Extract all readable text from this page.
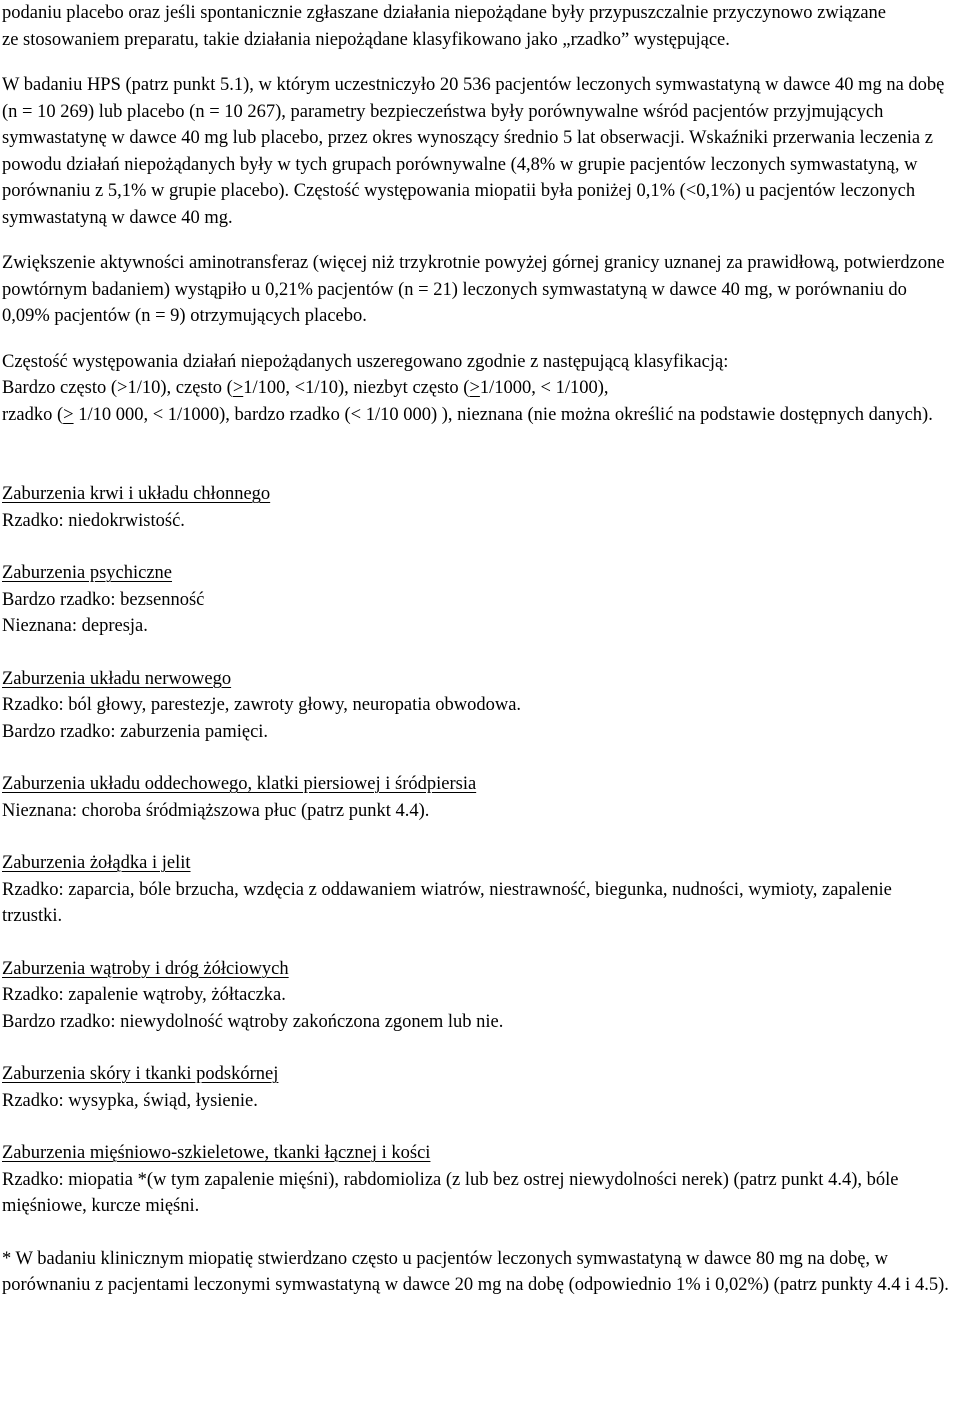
podaniu placebo oraz jeśli spontanicznie zgłaszane działania niepożądane były przypuszczalnie przyczynowo związane ze stosowaniem preparatu, takie działania niepożądane klasyfikowano jako „rzadko” występujące.

W badaniu HPS (patrz punkt 5.1), w którym uczestniczyło 20 536 pacjentów leczonych symwastatyną w dawce 40 mg na dobę (n = 10 269) lub placebo (n = 10 267), parametry bezpieczeństwa były porównywalne wśród pacjentów przyjmujących symwastatynę w dawce 40 mg lub placebo, przez okres wynoszący średnio 5 lat obserwacji. Wskaźniki przerwania leczenia z powodu działań niepożądanych były w tych grupach porównywalne (4,8% w grupie pacjentów leczonych symwastatyną, w porównaniu z 5,1% w grupie placebo). Częstość występowania miopatii była poniżej 0,1% (<0,1%) u pacjentów leczonych symwastatyną w dawce 40 mg.

Zwiększenie aktywności aminotransferaz (więcej niż trzykrotnie powyżej górnej granicy uznanej za prawidłową, potwierdzone powtórnym badaniem) wystąpiło u 0,21% pacjentów (n = 21) leczonych symwastatyną w dawce 40 mg, w porównaniu do 0,09% pacjentów (n = 9) otrzymujących placebo.

Częstość występowania działań niepożądanych uszeregowano zgodnie z następującą klasyfikacją:

Bardzo często (>1/10), często (≥1/100, <1/10), niezbyt często (≥1/1000, < 1/100),

rzadko (≥ 1/10 000, < 1/1000), bardzo rzadko (< 1/10 000) ), nieznana (nie można określić na podstawie dostępnych danych).

Zaburzenia krwi i układu chłonnego

Rzadko: niedokrwistość.

Zaburzenia psychiczne

Bardzo rzadko: bezsenność

Nieznana: depresja.

Zaburzenia układu nerwowego

Rzadko: ból głowy, parestezje, zawroty głowy, neuropatia obwodowa.

Bardzo rzadko: zaburzenia pamięci.

Zaburzenia układu oddechowego, klatki piersiowej i śródpiersia

Nieznana: choroba śródmiąższowa płuc (patrz punkt 4.4).

Zaburzenia żołądka i jelit

Rzadko: zaparcia, bóle brzucha, wzdęcia z oddawaniem wiatrów, niestrawność, biegunka, nudności, wymioty, zapalenie trzustki.

Zaburzenia wątroby i dróg żółciowych

Rzadko: zapalenie wątroby, żółtaczka.

Bardzo rzadko: niewydolność wątroby zakończona zgonem lub nie.

Zaburzenia skóry i tkanki podskórnej

Rzadko: wysypka, świąd, łysienie.

Zaburzenia mięśniowo-szkieletowe, tkanki łącznej i kości

Rzadko: miopatia *(w tym zapalenie mięśni), rabdomioliza (z lub bez ostrej niewydolności nerek) (patrz punkt 4.4), bóle mięśniowe, kurcze mięśni.

* W badaniu klinicznym miopatię stwierdzano często u pacjentów leczonych symwastatyną w dawce 80 mg na dobę, w porównaniu z pacjentami leczonymi symwastatyną w dawce 20 mg na dobę (odpowiednio 1% i 0,02%) (patrz punkty 4.4 i 4.5).
